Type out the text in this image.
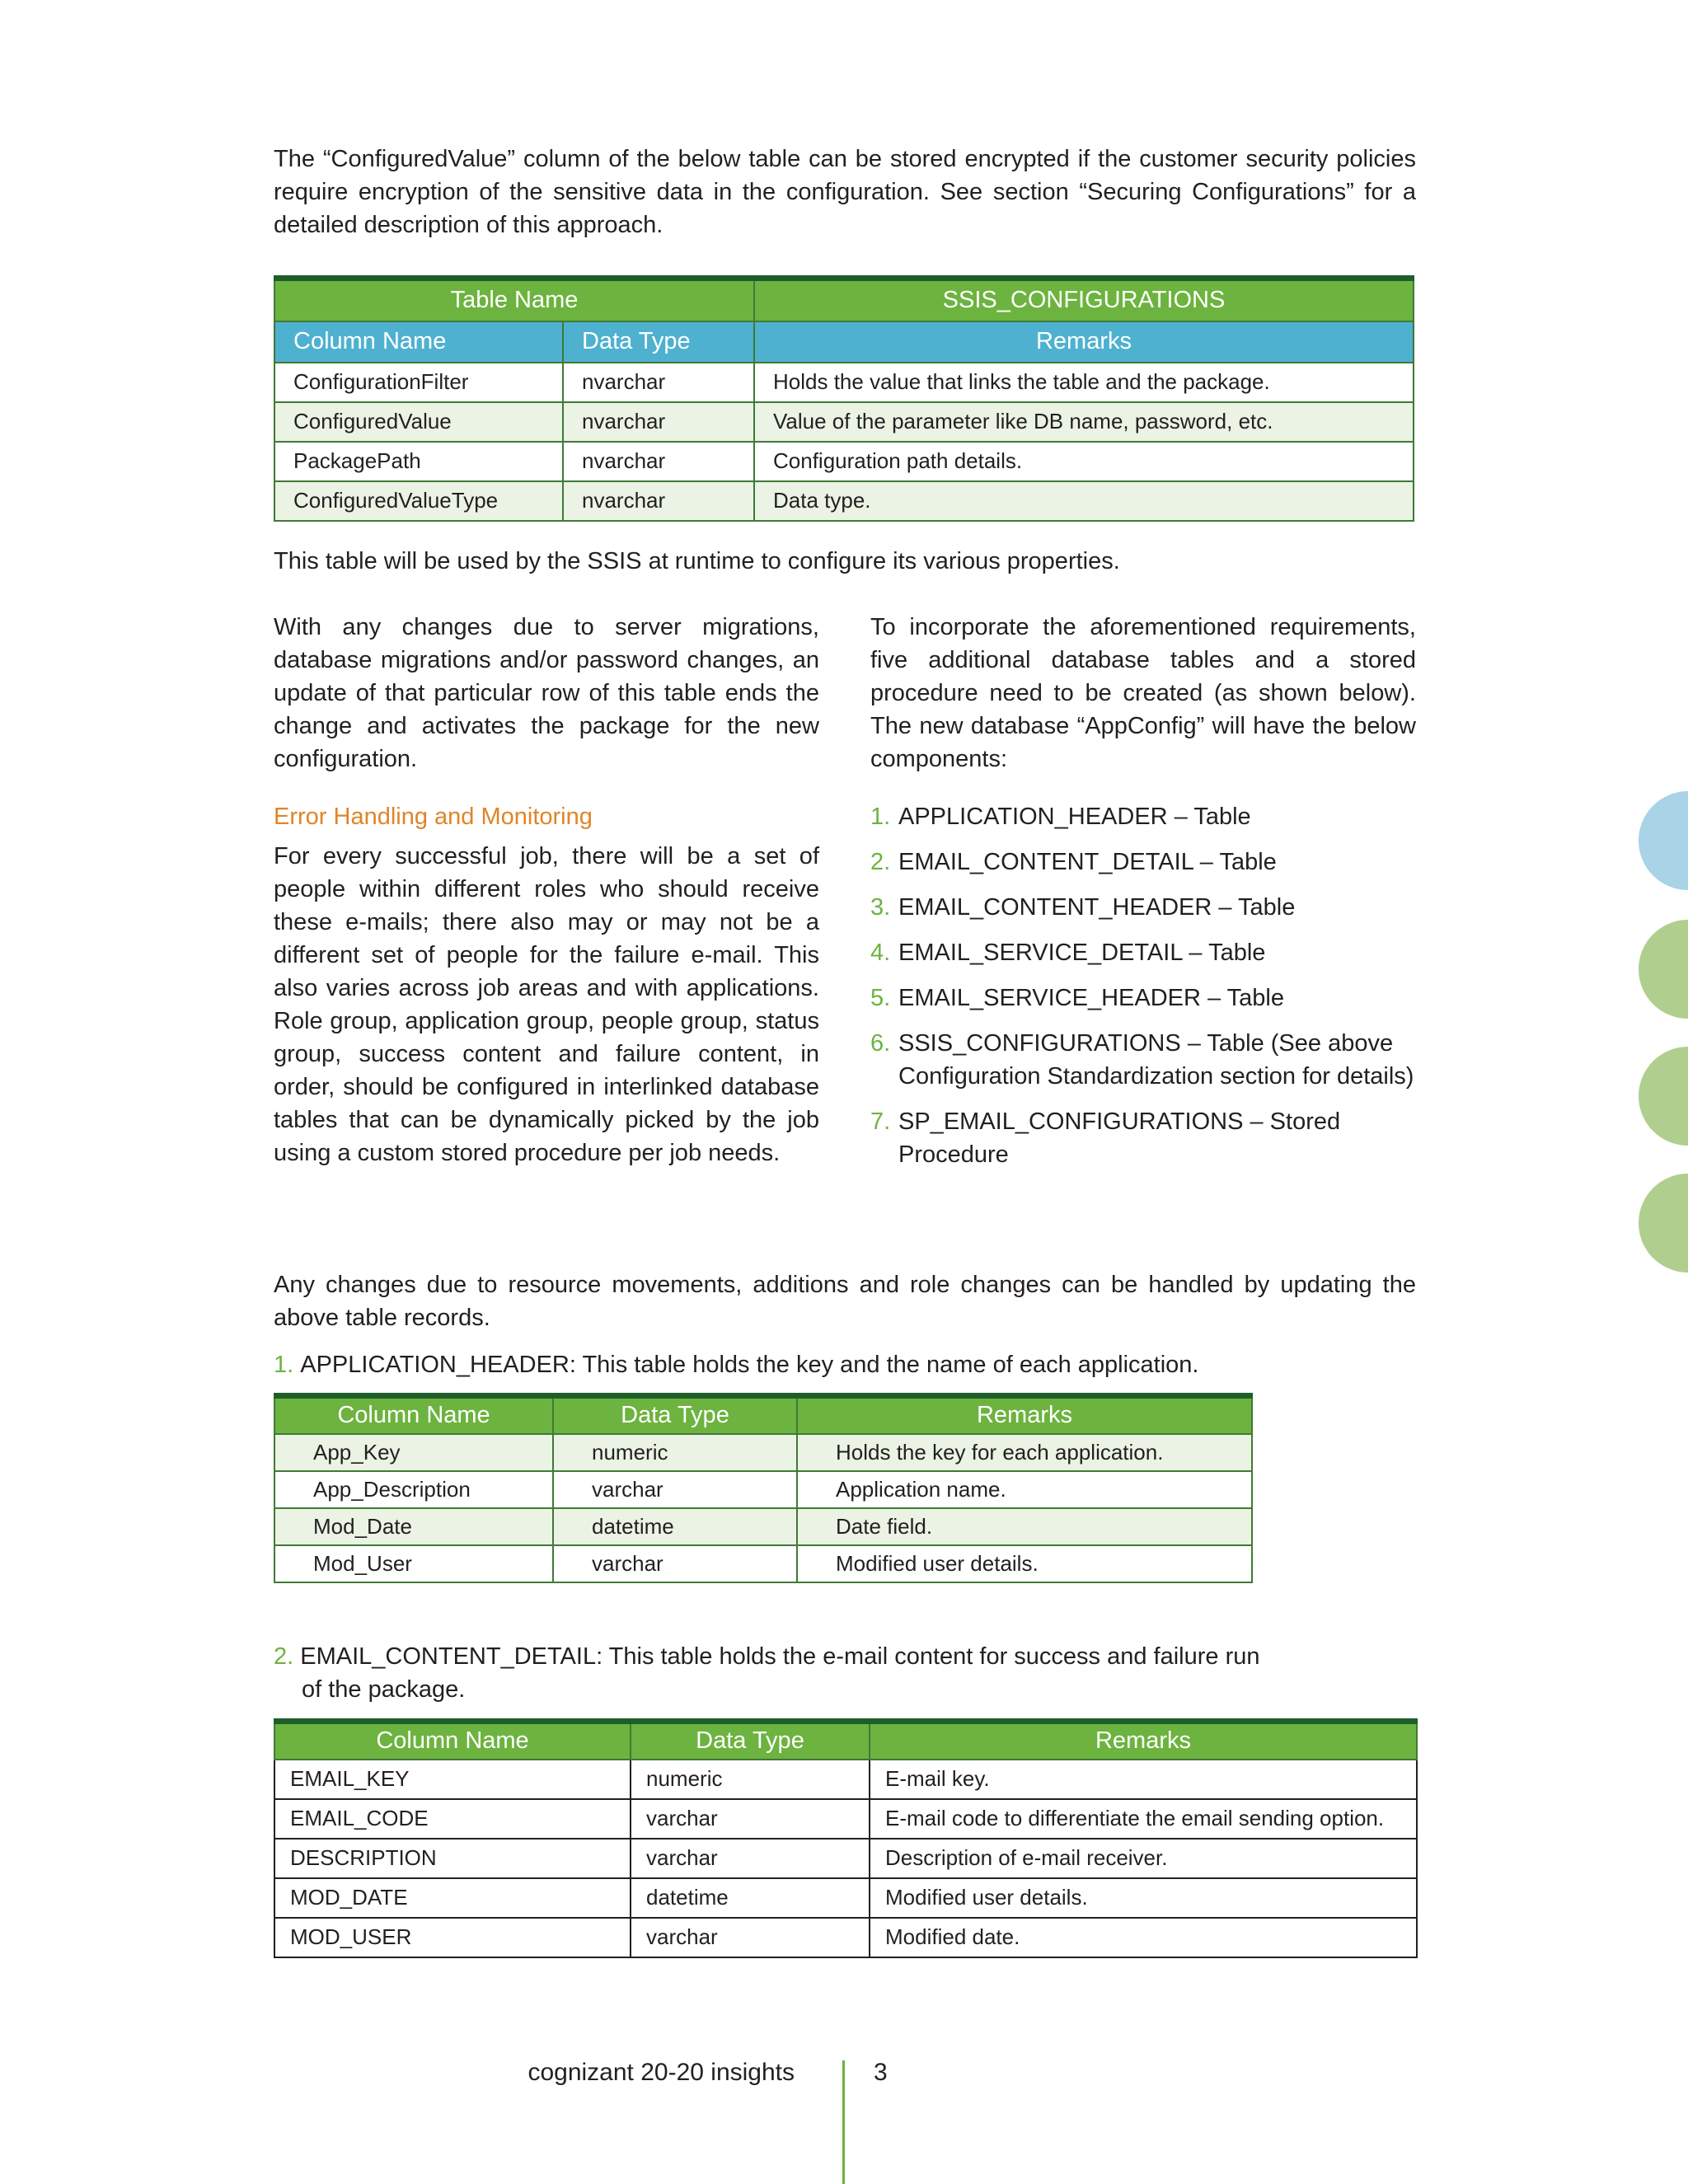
The “ConfiguredValue” column of the below table can be stored encrypted if the customer security policies require encryption of the sensitive data in the configuration. See section “Securing Configurations” for a detailed description of this approach.

Table Name		SSIS_CONFIGURATIONS
Column Name	Data Type	Remarks
ConfigurationFilter	nvarchar	Holds the value that links the table and the package.
ConfiguredValue	nvarchar	Value of the parameter like DB name, password, etc.
PackagePath	nvarchar	Configuration path details.
ConfiguredValueType	nvarchar	Data type.

This table will be used by the SSIS at runtime to configure its various properties.

With any changes due to server migrations, database migrations and/or password changes, an update of that particular row of this table ends the change and activates the package for the new configuration.

Error Handling and Monitoring

For every successful job, there will be a set of people within different roles who should receive these e-mails; there also may or may not be a different set of people for the failure e-mail. This also varies across job areas and with applications. Role group, application group, people group, status group, success content and failure content, in order, should be configured in interlinked database tables that can be dynamically picked by the job using a custom stored procedure per job needs.

To incorporate the aforementioned requirements, five additional database tables and a stored procedure need to be created (as shown below). The new database “AppConfig” will have the below components:

1. APPLICATION_HEADER – Table
2. EMAIL_CONTENT_DETAIL – Table
3. EMAIL_CONTENT_HEADER – Table
4. EMAIL_SERVICE_DETAIL – Table
5. EMAIL_SERVICE_HEADER – Table
6. SSIS_CONFIGURATIONS – Table (See above Configuration Standardization section for details)
7. SP_EMAIL_CONFIGURATIONS – Stored Procedure

Any changes due to resource movements, additions and role changes can be handled by updating the above table records.

1. APPLICATION_HEADER: This table holds the key and the name of each application.

Column Name	Data Type	Remarks
App_Key	numeric	Holds the key for each application.
App_Description	varchar	Application name.
Mod_Date	datetime	Date field.
Mod_User	varchar	Modified user details.
2. EMAIL_CONTENT_DETAIL: This table holds the e-mail content for success and failure run
of the package.
Column Name	Data Type	Remarks
EMAIL_KEY	numeric	E-mail key.
EMAIL_CODE	varchar	E-mail code to differentiate the email sending option.
DESCRIPTION	varchar	Description of e-mail receiver.
MOD_DATE	datetime	Modified user details.
MOD_USER	varchar	Modified date.
cognizant 20-20 insights	3
